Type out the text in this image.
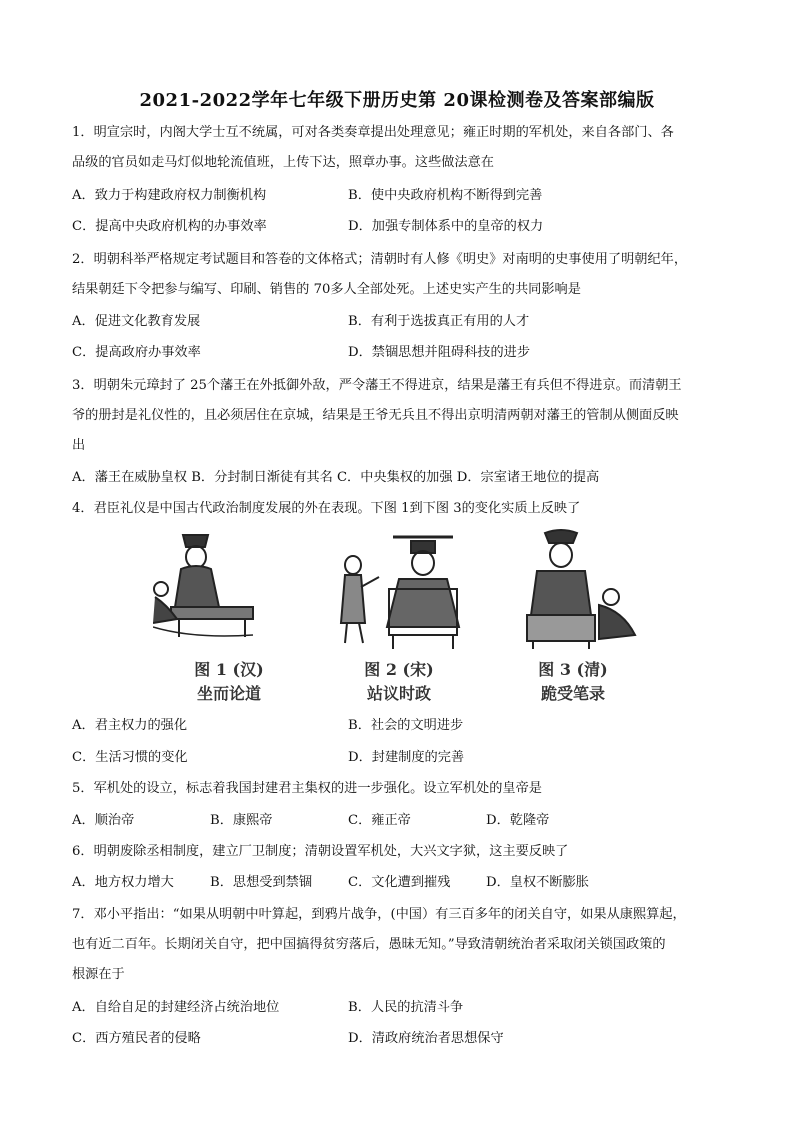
2021-2022学年七年级下册历史第 20课检测卷及答案部编版
1．明宣宗时，内阁大学士互不统属，可对各类奏章提出处理意见；雍正时期的军机处，来自各部门、各
品级的官员如走马灯似地轮流值班，上传下达，照章办事。这些做法意在
A．致力于构建政府权力制衡机构	B．使中央政府机构不断得到完善
C．提高中央政府机构的办事效率	D．加强专制体系中的皇帝的权力
2．明朝科举严格规定考试题目和答卷的文体格式；清朝时有人修《明史》对南明的史事使用了明朝纪年，
结果朝廷下令把参与编写、印刷、销售的 70多人全部处死。上述史实产生的共同影响是
A．促进文化教育发展	B．有利于选拔真正有用的人才
C．提高政府办事效率	D．禁锢思想并阻碍科技的进步
3．明朝朱元璋封了 25个藩王在外抵御外敌，严令藩王不得进京，结果是藩王有兵但不得进京。而清朝王
爷的册封是礼仪性的，且必须居住在京城，结果是王爷无兵且不得出京明清两朝对藩王的管制从侧面反映
出
A．藩王在威胁皇权 B．分封制日渐徒有其名 C．中央集权的加强 D．宗室诸王地位的提高
4．君臣礼仪是中国古代政治制度发展的外在表现。下图 1到下图 3的变化实质上反映了
图 1 (汉)
坐而论道
图 2 (宋)
站议时政
图 3 (清)
跪受笔录
A．君主权力的强化	B．社会的文明进步
C．生活习惯的变化	D．封建制度的完善
5．军机处的设立，标志着我国封建君主集权的进一步强化。设立军机处的皇帝是
A．顺治帝	B．康熙帝	C．雍正帝	D．乾隆帝
6．明朝废除丞相制度，建立厂卫制度；清朝设置军机处，大兴文字狱，这主要反映了
A．地方权力增大	B．思想受到禁锢	C．文化遭到摧残	D．皇权不断膨胀
7．邓小平指出：“如果从明朝中叶算起，到鸦片战争，(中国）有三百多年的闭关自守，如果从康熙算起，
也有近二百年。长期闭关自守，把中国搞得贫穷落后，愚昧无知。”导致清朝统治者采取闭关锁国政策的
根源在于
A．自给自足的封建经济占统治地位	B．人民的抗清斗争
C．西方殖民者的侵略	D．清政府统治者思想保守
